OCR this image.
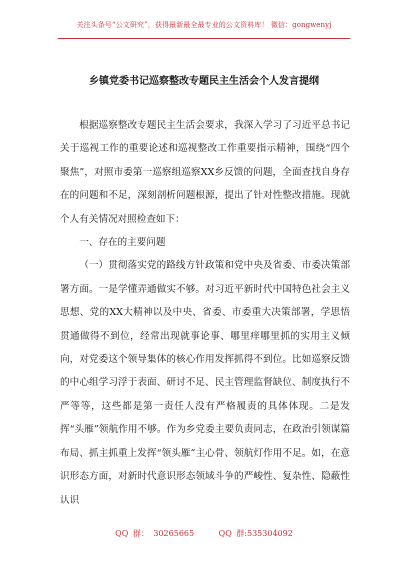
关注头条号“公文研究”，获得最新最全最专业的公文资料库！ 微信：gongwenyj
乡镇党委书记巡察整改专题民主生活会个人发言提纲

根据巡察整改专题民主生活会要求，我深入学习了习近平总书记关于巡视工作的重要论述和巡视整改工作重要指示精神，围绕“四个聚焦”，对照市委第一巡察组巡察XX乡反馈的问题，全面查找自身存在的问题和不足，深刻剖析问题根源，提出了针对性整改措施。现就个人有关情况对照检查如下：

一、存在的主要问题

（一）贯彻落实党的路线方针政策和党中央及省委、市委决策部署方面。一是学懂弄通做实不够。对习近平新时代中国特色社会主义思想、党的XX大精神以及中央、省委、市委重大决策部署，学思悟贯通做得不到位，经常出现就事论事、哪里痒哪里抓的实用主义倾向，对党委这个领导集体的核心作用发挥抓得不到位。比如巡察反馈的中心组学习浮于表面、研讨不足、民主管理监督缺位、制度执行不严等等，这些都是第一责任人没有严格履责的具体体现。二是发挥“头雁”领航作用不够。作为乡党委主要负责同志，在政治引领谋篇布局、抓主抓重上发挥“领头雁”主心骨、领航灯作用不足。如，在意识形态方面，对新时代意识形态领域斗争的严峻性、复杂性、隐蔽性认识

QQ 群： 30265665	QQ 群:535304092
